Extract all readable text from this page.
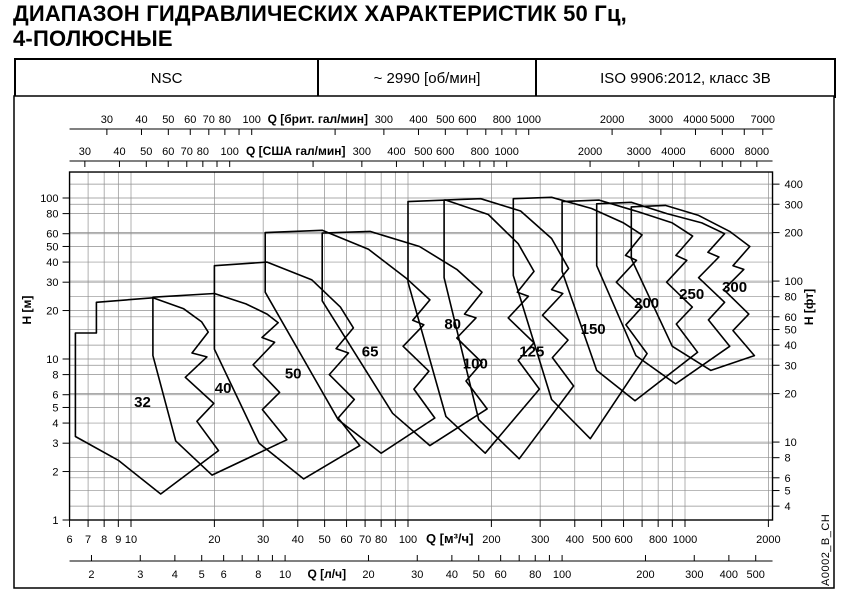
ДИАПАЗОН ГИДРАВЛИЧЕСКИХ ХАРАКТЕРИСТИК 50 Гц,
4-ПОЛЮСНЫЕ
NSC	~ 2990 [об/мин]	ISO 9906:2012, класс 3В
30 40 50 60 70 80 100	300 400 500 600 800 1000	2000 3000 4000 5000 7000
Q [брит. гал/мин]
30 40 50 60 70 80 100	300 400 500 600 800 1000	2000 3000 4000 6000 8000
Q [США гал/мин]
6 7 8 9 10	20	30 40 50 60 70 80 100	200	300 400 500 600 800 1000	2000
Q [м³/ч]
2	3	4 5 6	8 10	20	30 40 50 60 80 100	200	300 400 500
Q [л/ч]
1
2
3
4
5
6
8
10
20
30
40
50
60
80
100
H [м]
4
5
6
8
10
20
30
40
50
60
80
100
200
300
400
H [фт]
32
40
50
65
80
100
125
150
200
250 300
A0002_B_CH
